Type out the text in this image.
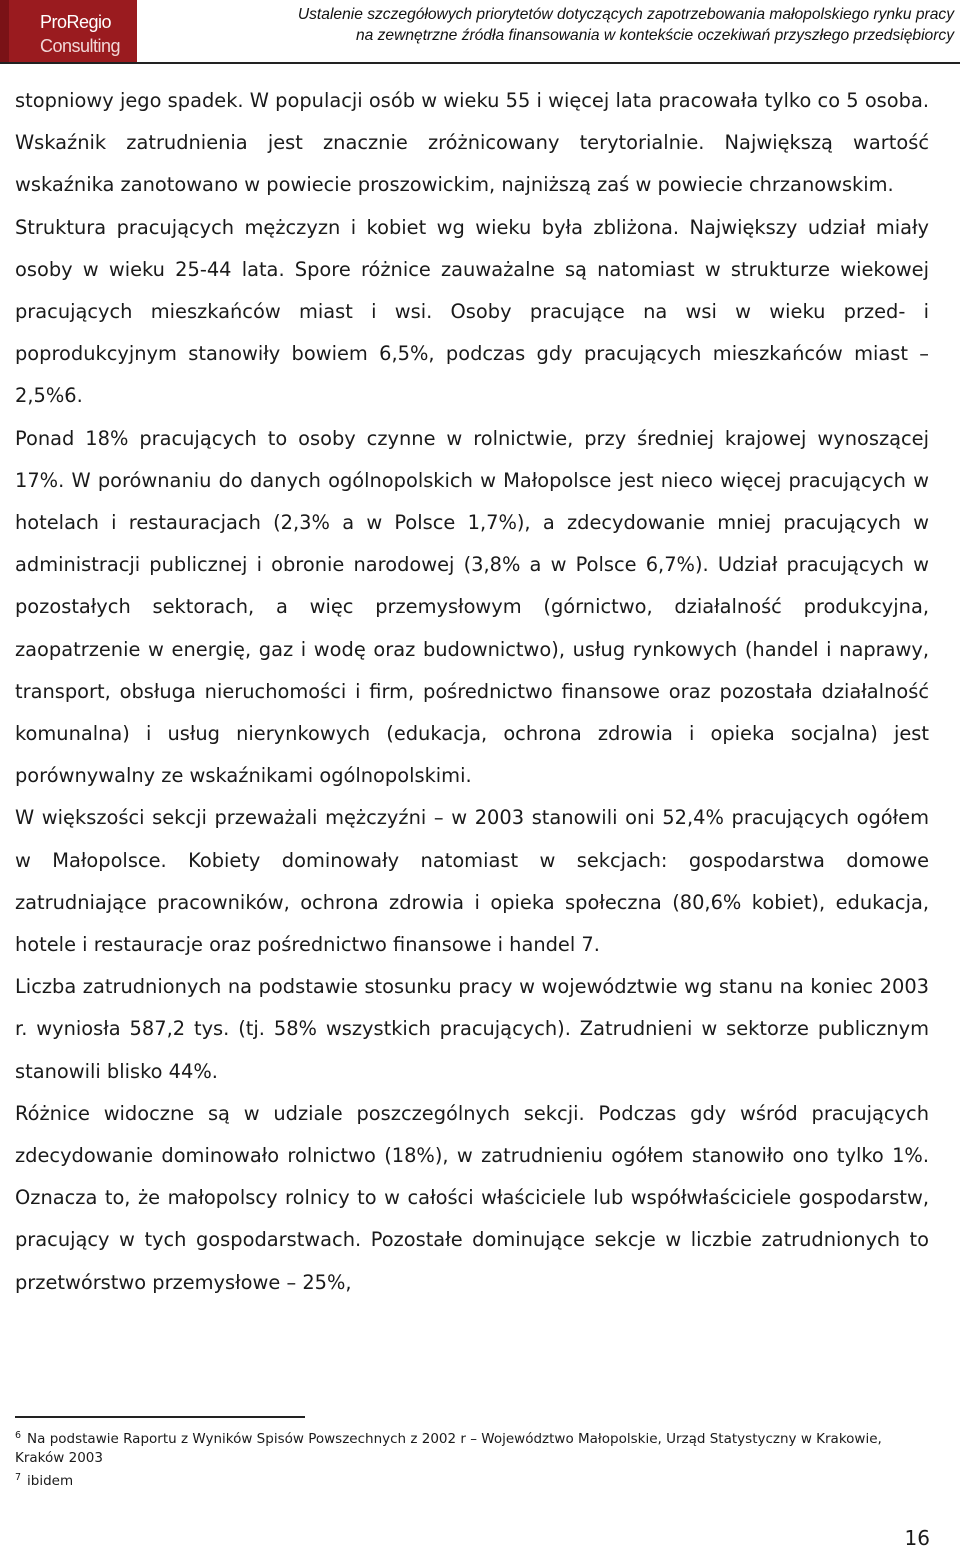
ProRegio
Consulting
Ustalenie szczegółowych priorytetów dotyczących zapotrzebowania małopolskiego rynku pracy
na zewnętrzne źródła finansowania w kontekście oczekiwań przyszłego przedsiębiorcy

stopniowy jego spadek. W populacji osób w wieku 55 i więcej lata pracowała tylko co 5 osoba. Wskaźnik zatrudnienia jest znacznie zróżnicowany terytorialnie. Największą wartość wskaźnika zanotowano w powiecie proszowickim, najniższą zaś w powiecie chrzanowskim.

Struktura pracujących mężczyzn i kobiet wg wieku była zbliżona. Największy udział miały osoby w wieku 25-44 lata. Spore różnice zauważalne są natomiast w strukturze wiekowej pracujących mieszkańców miast i wsi. Osoby pracujące na wsi w wieku przed- i poprodukcyjnym stanowiły bowiem 6,5%, podczas gdy pracujących mieszkańców miast – 2,5%6.

Ponad 18% pracujących to osoby czynne w rolnictwie, przy średniej krajowej wynoszącej 17%. W porównaniu do danych ogólnopolskich w Małopolsce jest nieco więcej pracujących w hotelach i restauracjach (2,3% a w Polsce 1,7%), a zdecydowanie mniej pracujących w administracji publicznej i obronie narodowej (3,8% a w Polsce 6,7%). Udział pracujących w pozostałych sektorach, a więc przemysłowym (górnictwo, działalność produkcyjna, zaopatrzenie w energię, gaz i wodę oraz budownictwo), usług rynkowych (handel i naprawy, transport, obsługa nieruchomości i firm, pośrednictwo finansowe oraz pozostała działalność komunalna) i usług nierynkowych (edukacja, ochrona zdrowia i opieka socjalna) jest porównywalny ze wskaźnikami ogólnopolskimi.

W większości sekcji przeważali mężczyźni – w 2003 stanowili oni 52,4% pracujących ogółem w Małopolsce. Kobiety dominowały natomiast w sekcjach: gospodarstwa domowe zatrudniające pracowników, ochrona zdrowia i opieka społeczna (80,6% kobiet), edukacja, hotele i restauracje oraz pośrednictwo finansowe i handel 7.

Liczba zatrudnionych na podstawie stosunku pracy w województwie wg stanu na koniec 2003 r. wyniosła 587,2 tys. (tj. 58% wszystkich pracujących). Zatrudnieni w sektorze publicznym stanowili blisko 44%.

Różnice widoczne są w udziale poszczególnych sekcji. Podczas gdy wśród pracujących zdecydowanie dominowało rolnictwo (18%), w zatrudnieniu ogółem stanowiło ono tylko 1%. Oznacza to, że małopolscy rolnicy to w całości właściciele lub współwłaściciele gospodarstw, pracujący w tych gospodarstwach. Pozostałe dominujące sekcje w liczbie zatrudnionych to przetwórstwo przemysłowe – 25%,

$^6$ Na podstawie Raportu z Wyników Spisów Powszechnych z 2002 r – Województwo Małopolskie, Urząd Statystyczny w Krakowie, Kraków 2003

$^7$ ibidem

16
